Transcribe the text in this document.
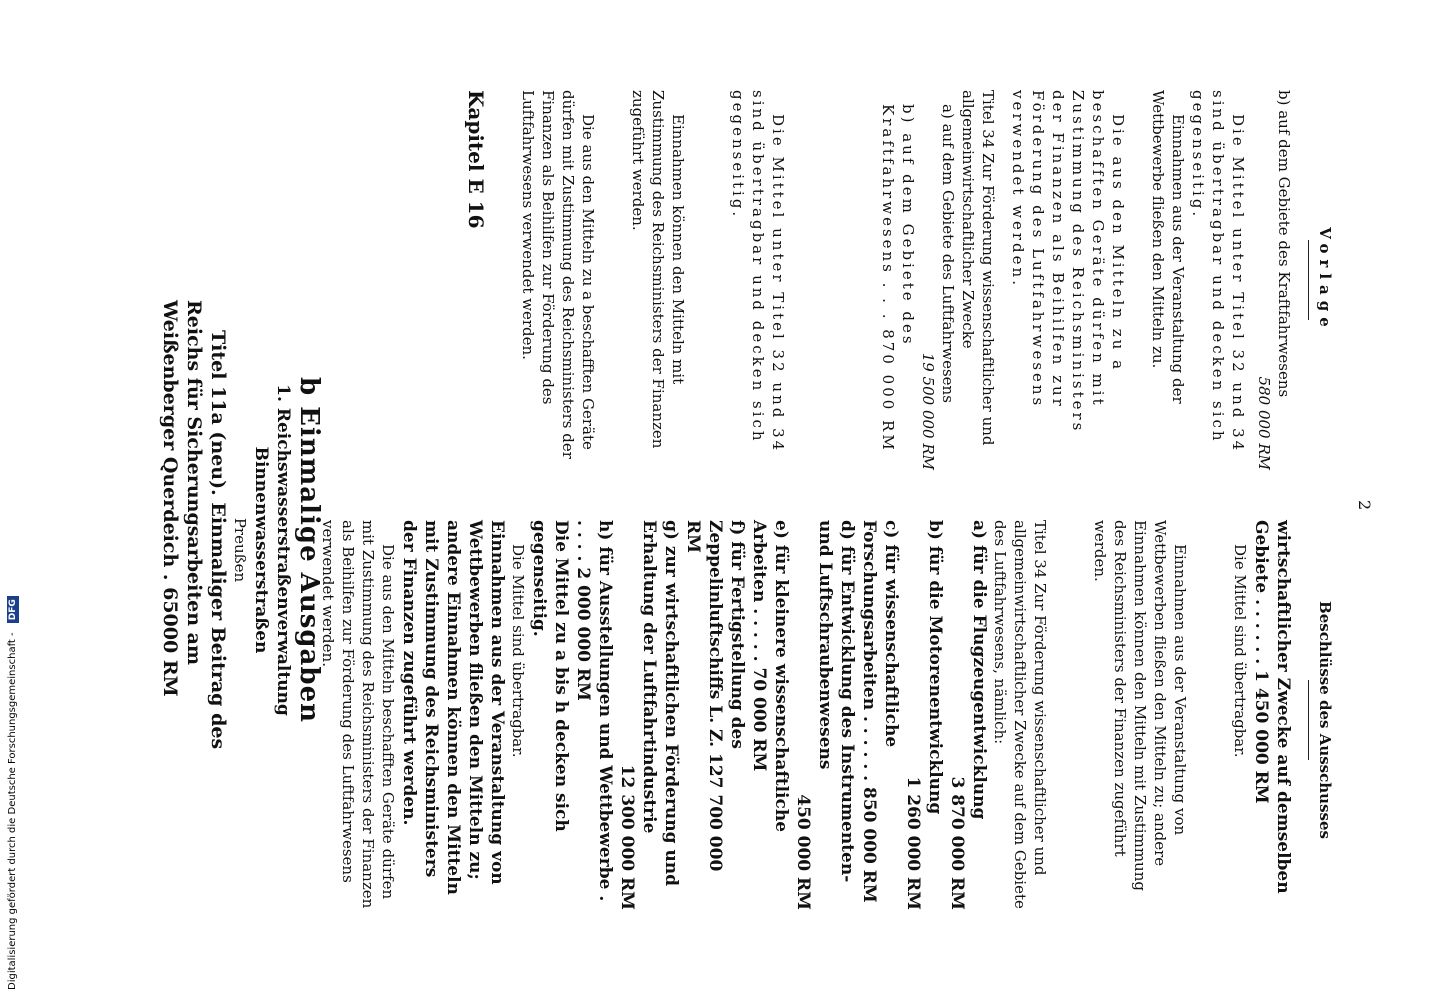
2
Vorlage
Beschlüsse des Ausschusses

b) auf dem Gebiete des Kraftfahrwesens

580 000 RM

Die Mittel unter Titel 32 und 34 sind übertragbar und decken sich gegenseitig.

Einnahmen aus der Veranstaltung der Wettbewerbe fließen den Mitteln zu.

Die aus den Mitteln zu a beschafften Geräte dürfen mit Zustimmung des Reichsministers der Finanzen als Beihilfen zur Förderung des Luftfahrwesens verwendet werden.

Titel 34 Zur Förderung wissenschaftlicher und allgemeinwirtschaftlicher Zwecke

a) auf dem Gebiete des Luftfahrwesens

19 500 000 RM

b) auf dem Gebiete des Kraftfahrwesens . . . 870 000 RM

Die Mittel unter Titel 32 und 34 sind übertragbar und decken sich gegenseitig.

Einnahmen können den Mitteln mit Zustimmung des Reichsministers der Finanzen zugeführt werden.

Die aus den Mitteln zu a beschafften Geräte dürfen mit Zustimmung des Reichsministers der Finanzen als Beihilfen zur Förderung des Luftfahrwesens verwendet werden.

Kapitel E 16

wirtschaftlicher Zwecke auf demselben Gebiete . . . . . . 1 450 000 RM

Die Mittel sind übertragbar.

Einnahmen aus der Veranstaltung von Wettbewerben fließen den Mitteln zu; andere Einnahmen können den Mitteln mit Zustimmung des Reichsministers der Finanzen zugeführt werden.

Titel 34 Zur Förderung wissenschaftlicher und allgemeinwirtschaftlicher Zwecke auf dem Gebiete des Luftfahrwesens, nämlich:

a) für die Flugzeugentwicklung

3 870 000 RM

b) für die Motorenentwicklung

1 260 000 RM

c) für wissenschaftliche Forschungsarbeiten . . . . . . 850 000 RM

d) für Entwicklung des Instrumenten- und Luftschraubenwesens

450 000 RM

e) für kleinere wissenschaftliche Arbeiten . . . . . 70 000 RM

f) für Fertigstellung des Zeppelinluftschiffs L. Z. 127 700 000 RM

g) zur wirtschaftlichen Förderung und Erhaltung der Luftfahrtindustrie

12 300 000 RM

h) für Ausstellungen und Wettbewerbe . . . . . 2 000 000 RM

Die Mittel zu a bis h decken sich gegenseitig.

Die Mittel sind übertragbar.

Einnahmen aus der Veranstaltung von Wettbewerben fließen den Mitteln zu; andere Einnahmen können den Mitteln mit Zustimmung des Reichsministers der Finanzen zugeführt werden.

Die aus den Mitteln beschafften Geräte dürfen mit Zustimmung des Reichsministers der Finanzen als Beihilfen zur Förderung des Luftfahrwesens verwendet werden.

b Einmalige Ausgaben
1. Reichswasserstraßenverwaltung
Binnenwasserstraßen
Preußen
Titel 11a (neu). Einmaliger Beitrag des Reichs für Sicherungsarbeiten am Weißenberger Querdeich . 65000 RM
Digitalisierung gefördert durch die Deutsche Forschungsgemeinschaft - DFG
